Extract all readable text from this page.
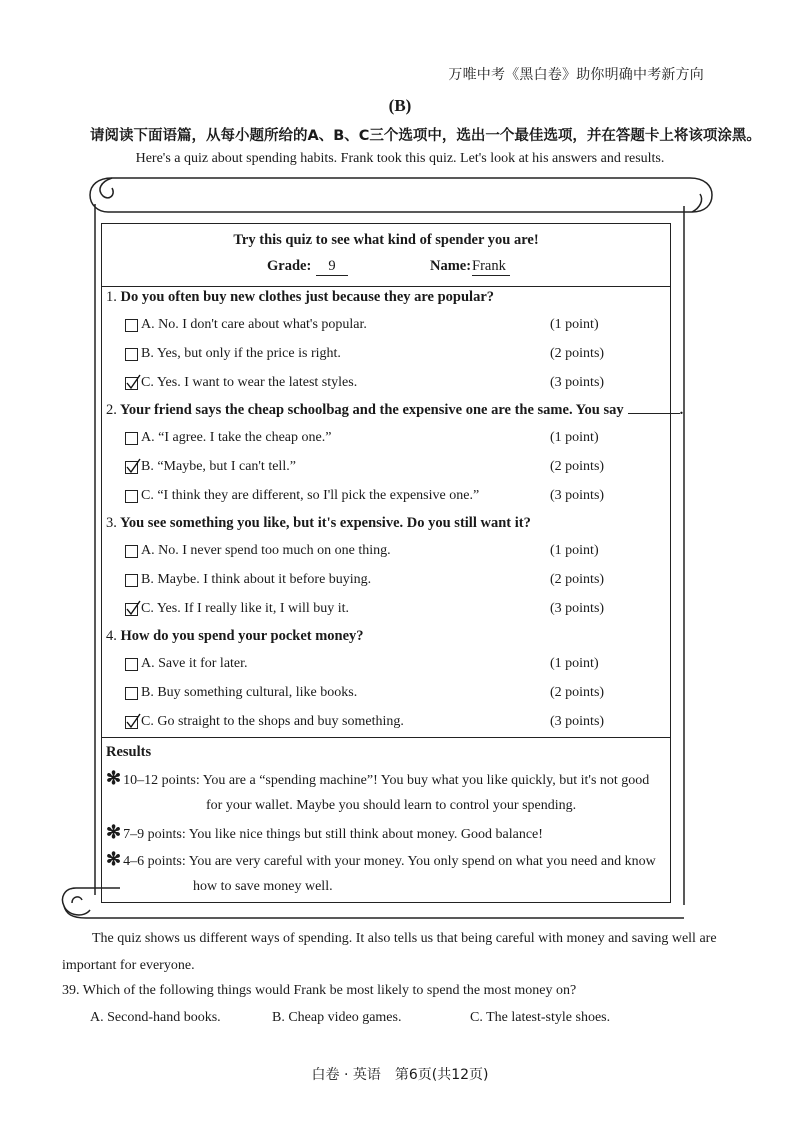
万唯中考《黑白卷》助你明确中考新方向
(B)
请阅读下面语篇，从每小题所给的A、B、C三个选项中，选出一个最佳选项，并在答题卡上将该项涂黑。
Here's a quiz about spending habits. Frank took this quiz. Let's look at his answers and results.
Try this quiz to see what kind of spender you are!
Grade:	9	Name: Frank
1. Do you often buy new clothes just because they are popular?
A. No. I don't care about what's popular.	(1 point)
B. Yes, but only if the price is right.	(2 points)
C. Yes. I want to wear the latest styles.	(3 points)
2. Your friend says the cheap schoolbag and the expensive one are the same. You say	.
A. “I agree. I take the cheap one.”	(1 point)
B. “Maybe, but I can't tell.”	(2 points)
C. “I think they are different, so I'll pick the expensive one.”	(3 points)
3. You see something you like, but it's expensive. Do you still want it?
A. No. I never spend too much on one thing.	(1 point)
B. Maybe. I think about it before buying.	(2 points)
C. Yes. If I really like it, I will buy it.	(3 points)
4. How do you spend your pocket money?
A. Save it for later.	(1 point)
B. Buy something cultural, like books.	(2 points)
C. Go straight to the shops and buy something.	(3 points)
Results
✻ 10–12 points: You are a “spending machine”! You buy what you like quickly, but it's not good
for your wallet. Maybe you should learn to control your spending.
✻ 7–9 points: You like nice things but still think about money. Good balance!
✻ 4–6 points: You are very careful with your money. You only spend on what you need and know
how to save money well.
The quiz shows us different ways of spending. It also tells us that being careful with money and saving well are
important for everyone.
39. Which of the following things would Frank be most likely to spend the most money on?
A. Second-hand books.	B. Cheap video games.	C. The latest-style shoes.
白卷 · 英语　第6页(共12页)
